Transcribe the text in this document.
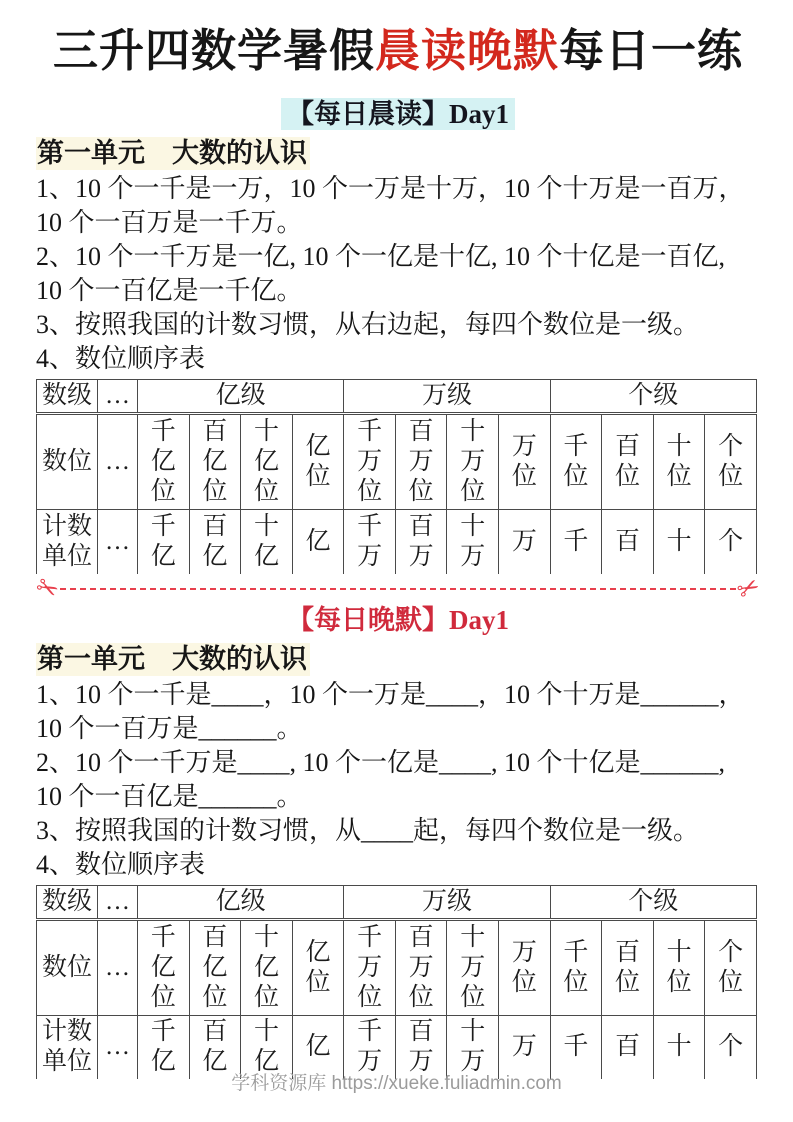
三升四数学暑假晨读晚默每日一练
【每日晨读】Day1
第一单元　大数的认识
1、10 个一千是一万，10 个一万是十万，10 个十万是一百万，
10 个一百万是一千万。
2、10 个一千万是一亿, 10 个一亿是十亿, 10 个十亿是一百亿,
10 个一百亿是一千亿。
3、按照我国的计数习惯，从右边起，每四个数位是一级。
4、数位顺序表
数级	…	亿级				万级				个级			
数位	…	千亿位	百亿位	十亿位	亿位	千万位	百万位	十万位	万位	千位	百位	十位	个位
计数单位	…	千亿	百亿	十亿	亿	千万	百万	十万	万	千	百	十	个
✂	✂
【每日晚默】Day1
第一单元　大数的认识
1、10 个一千是____，10 个一万是____，10 个十万是______，
10 个一百万是______。
2、10 个一千万是____, 10 个一亿是____, 10 个十亿是______,
10 个一百亿是______。
3、按照我国的计数习惯，从____起，每四个数位是一级。
4、数位顺序表
数级	…	亿级				万级				个级			
数位	…	千亿位	百亿位	十亿位	亿位	千万位	百万位	十万位	万位	千位	百位	十位	个位
计数单位	…	千亿	百亿	十亿	亿	千万	百万	十万	万	千	百	十	个
学科资源库 https://xueke.fuliadmin.com
